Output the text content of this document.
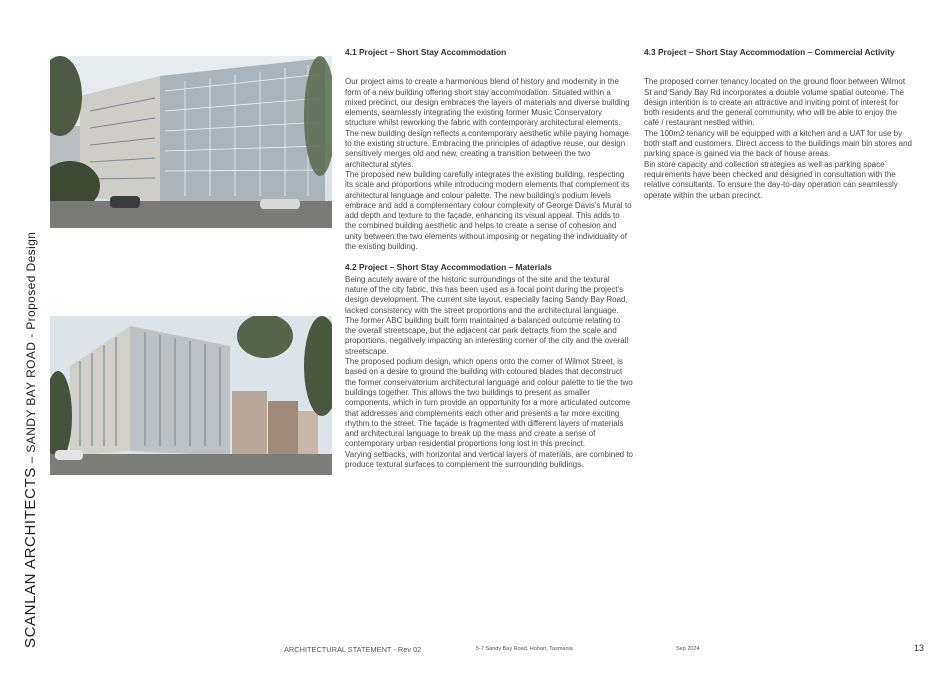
SCANLAN ARCHITECTS – SANDY BAY ROAD - Proposed Design
4.1 Project – Short Stay Accommodation

Our project aims to create a harmonious blend of history and modernity in the form of a new building offering short stay accommodation. Situated within a mixed precinct, our design embraces the layers of materials and diverse building elements, seamlessly integrating the existing former Music Conservatory structure whilst reworking the fabric with contemporary architectural elements.

The new building design reflects a contemporary aesthetic while paying homage to the existing structure. Embracing the principles of adaptive reuse, our design sensitively merges old and new, creating a transition between the two architectural styles.

The proposed new building carefully integrates the existing building, respecting its scale and proportions while introducing modern elements that complement its architectural language and colour palette. The new building's podium levels embrace and add a complementary colour complexity of George Davis's Mural to add depth and texture to the façade, enhancing its visual appeal. This adds to the combined building aesthetic and helps to create a sense of cohesion and unity between the two elements without imposing or negating the individuality of the existing building.

4.2 Project – Short Stay Accommodation – Materials

Being acutely aware of the historic surroundings of the site and the textural nature of the city fabric, this has been used as a focal point during the project's design development. The current site layout, especially facing Sandy Bay Road, lacked consistency with the street proportions and the architectural language. The former ABC building built form maintained a balanced outcome relating to the overall streetscape, but the adjacent car park detracts from the scale and proportions, negatively impacting an interesting corner of the city and the overall streetscape.

The proposed podium design, which opens onto the corner of Wilmot Street, is based on a desire to ground the building with coloured blades that deconstruct the former conservatorium architectural language and colour palette to tie the two buildings together. This allows the two buildings to present as smaller components, which in turn provide an opportunity for a more articulated outcome that addresses and complements each other and presents a far more exciting rhythm to the street. The façade is fragmented with different layers of materials and architectural language to break up the mass and create a sense of contemporary urban residential proportions long lost in this precinct.

Varying setbacks, with horizontal and vertical layers of materials, are combined to produce textural surfaces to complement the surrounding buildings.

4.3 Project – Short Stay Accommodation – Commercial Activity

The proposed corner tenancy located on the ground floor between Wilmot St and Sandy Bay Rd incorporates a double volume spatial outcome. The design intention is to create an attractive and inviting point of interest for both residents and the general community, who will be able to enjoy the café / restaurant nestled within.

The 100m2 tenancy will be equipped with a kitchen and a UAT for use by both staff and customers. Direct access to the buildings main bin stores and parking space is gained via the back of house areas.

Bin store capacity and collection strategies as well as parking space requirements have been checked and designed in consultation with the relative consultants. To ensure the day-to-day operation can seamlessly operate within the urban precinct.

ARCHITECTURAL STATEMENT - Rev 02	5-7 Sandy Bay Road, Hobart, Tasmania	Sep 2024	13
